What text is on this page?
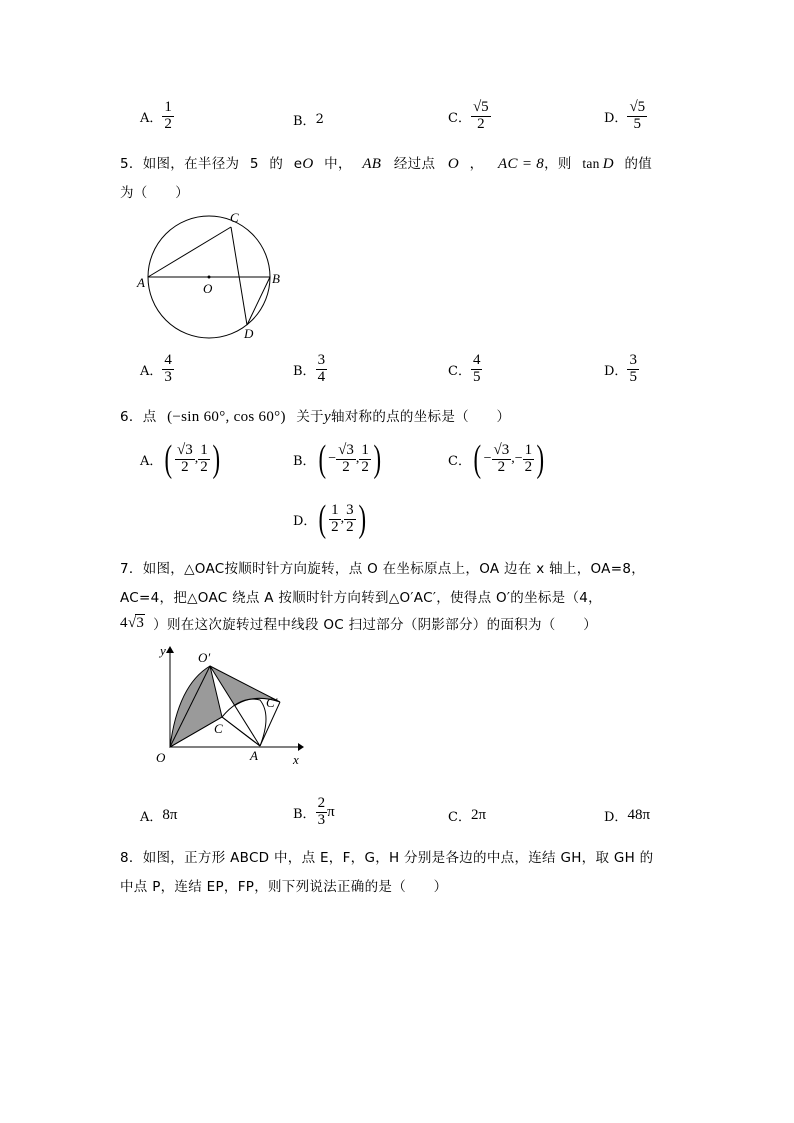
A． $\frac{1}{2}$	B． 2	C． $\frac{√5}{2}$	D． $\frac{√5}{5}$
5．如图，在半径为 5 的 eO 中， AB 经过点 O ， AC = 8，则 tan D 的值
为（　　）
A	B
C
D
O
A． $\frac{4}{3}$	B． $\frac{3}{4}$	C． $\frac{4}{5}$	D． $\frac{3}{5}$
6．点 (−sin 60°, cos 60°) 关于y轴对称的点的坐标是（　　）
A． ( $\frac{√3}{2}$ , $\frac{1}{2}$ )	B． ( − $\frac{√3}{2}$ , $\frac{1}{2}$ )	C． ( − $\frac{√3}{2}$ , − $\frac{1}{2}$ )
D． ( $\frac{1}{2}$ , $\frac{3}{2}$ )
7．如图，△OAC按顺时针方向旋转，点 O 在坐标原点上，OA 边在 x 轴上，OA=8，
AC=4，把△OAC 绕点 A 按顺时针方向转到△O′AC′，使得点 O′的坐标是（4，
4 √3 ）则在这次旋转过程中线段 OC 扫过部分（阴影部分）的面积为（　　）
y
x
O	A
C
O′
C′
A． 8π	B． $\frac{2}{3}$ π	C． 2π	D． 48π
8．如图，正方形 ABCD 中，点 E，F，G，H 分别是各边的中点，连结 GH，取 GH 的
中点 P，连结 EP，FP，则下列说法正确的是（　　）
